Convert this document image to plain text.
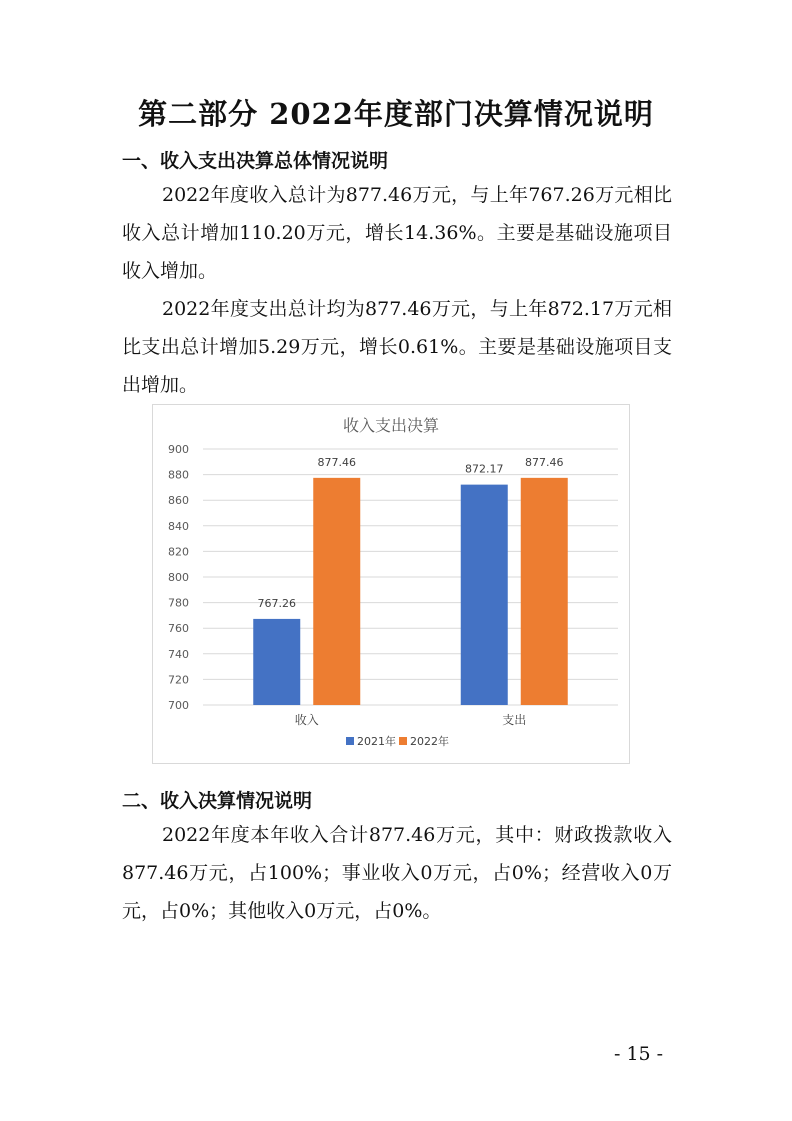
第二部分 2022年度部门决算情况说明
一、收入支出决算总体情况说明

2022年度收入总计为877.46万元，与上年767.26万元相比收入总计增加110.20万元，增长14.36%。主要是基础设施项目收入增加。

2022年度支出总计均为877.46万元，与上年872.17万元相比支出总计增加5.29万元，增长0.61%。主要是基础设施项目支出增加。

收入支出决算
700
720
740
760
780
800
820
840
860
880
900
767.26
877.46
收入
872.17
877.46
支出
2021年 2022年
二、收入决算情况说明

2022年度本年收入合计877.46万元，其中：财政拨款收入877.46万元，占100%；事业收入0万元，占0%；经营收入0万元，占0%；其他收入0万元，占0%。

- 15 -
